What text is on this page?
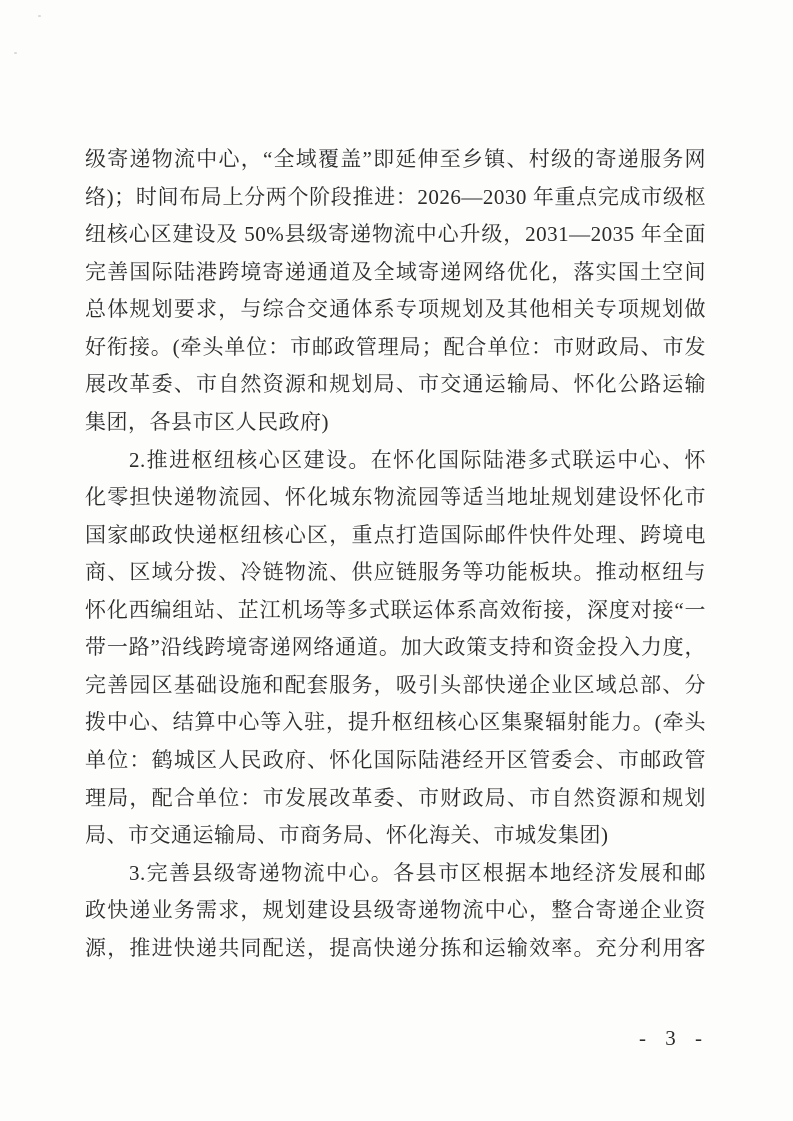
级寄递物流中心，“全域覆盖”即延伸至乡镇、村级的寄递服务网
络)；时间布局上分两个阶段推进：2026—2030 年重点完成市级枢
纽核心区建设及 50%县级寄递物流中心升级，2031—2035 年全面
完善国际陆港跨境寄递通道及全域寄递网络优化，落实国土空间
总体规划要求，与综合交通体系专项规划及其他相关专项规划做
好衔接。(牵头单位：市邮政管理局；配合单位：市财政局、市发
展改革委、市自然资源和规划局、市交通运输局、怀化公路运输
集团，各县市区人民政府)
2.推进枢纽核心区建设。在怀化国际陆港多式联运中心、怀
化零担快递物流园、怀化城东物流园等适当地址规划建设怀化市
国家邮政快递枢纽核心区，重点打造国际邮件快件处理、跨境电
商、区域分拨、冷链物流、供应链服务等功能板块。推动枢纽与
怀化西编组站、芷江机场等多式联运体系高效衔接，深度对接“一
带一路”沿线跨境寄递网络通道。加大政策支持和资金投入力度，
完善园区基础设施和配套服务，吸引头部快递企业区域总部、分
拨中心、结算中心等入驻，提升枢纽核心区集聚辐射能力。(牵头
单位：鹤城区人民政府、怀化国际陆港经开区管委会、市邮政管
理局，配合单位：市发展改革委、市财政局、市自然资源和规划
局、市交通运输局、市商务局、怀化海关、市城发集团)
3.完善县级寄递物流中心。各县市区根据本地经济发展和邮
政快递业务需求，规划建设县级寄递物流中心，整合寄递企业资
源，推进快递共同配送，提高快递分拣和运输效率。充分利用客
- 3 -
